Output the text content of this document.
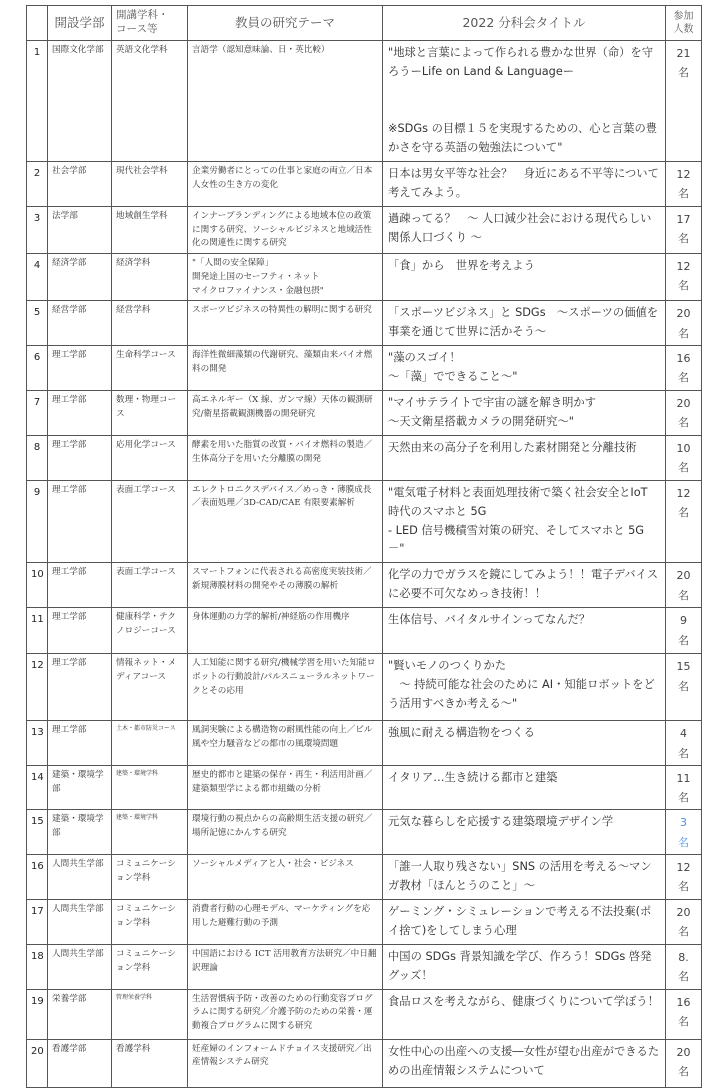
	開設学部	開講学科・
コース等	教員の研究テーマ	2022 分科会タイトル	参加
人数
1	国際文化学部	英語文化学科	言語学（認知意味論、日・英比較）	"地球と言葉によって作られる豊かな世界（命）を守ろうーLife on Land & Languageー

※SDGs の目標１５を実現するための、心と言葉の豊かさを守る英語の勉強法について"	21
名
2	社会学部	現代社会学科	企業労働者にとっての仕事と家庭の両立／日本人女性の生き方の変化	日本は男女平等な社会？　身近にある不平等について考えてみよう。	12
名
3	法学部	地域創生学科	インナーブランディングによる地域本位の政策に関する研究、ソーシャルビジネスと地域活性化の関連性に関する研究	過疎ってる？　～ 人口減少社会における現代らしい関係人口づくり ～	17
名
4	経済学部	経済学科	"「人間の安全保障」
開発途上国のセーフティ・ネット
マイクロファイナンス・金融包摂"	「食」から　世界を考えよう	12
名
5	経営学部	経営学科	スポーツビジネスの特異性の解明に関する研究	「スポーツビジネス」と SDGs　～スポーツの価値を事業を通じて世界に活かそう～	20
名
6	理工学部	生命科学コース	海洋性微細藻類の代謝研究、藻類由来バイオ燃料の開発	"藻のスゴイ！
～「藻」でできること～"	16
名
7	理工学部	数理・物理コース	高エネルギー（X 線、ガンマ線）天体の観測研究/衛星搭載観測機器の開発研究	"マイサテライトで宇宙の謎を解き明かす
～天文衛星搭載カメラの開発研究～"	20
名
8	理工学部	応用化学コース	酵素を用いた脂質の改質・バイオ燃料の製造／生体高分子を用いた分離膜の開発	天然由来の高分子を利用した素材開発と分離技術	10
名
9	理工学部	表面工学コース	エレクトロニクスデバイス／めっき・薄膜成長／表面処理／3D-CAD/CAE 有限要素解析	"電気電子材料と表面処理技術で築く社会安全とIoT 時代のスマホと 5G
- LED 信号機積雪対策の研究、そしてスマホと 5G－"	12
名
10	理工学部	表面工学コース	スマートフォンに代表される高密度実装技術／新規薄膜材料の開発やその薄膜の解析	化学の力でガラスを鏡にしてみよう！！電子デバイスに必要不可欠なめっき技術！！	20
名
11	理工学部	健康科学・テクノロジーコース	身体運動の力学的解析/神経筋の作用機序	生体信号、バイタルサインってなんだ？	9
名
12	理工学部	情報ネット・メディアコース	人工知能に関する研究/機械学習を用いた知能ロボットの行動設計/パルスニューラルネットワークとその応用	"賢いモノのつくりかた
　～ 持続可能な社会のために AI・知能ロボットをどう活用すべきか考える～"	15
名
13	理工学部	土木・都市防災コース	風洞実験による構造物の耐風性能の向上／ビル風や空力騒音などの都市の風環境問題	強風に耐える構造物をつくる	4
名
14	建築・環境学部	建築・環境学科	歴史的都市と建築の保存・再生・利活用計画／建築類型学による都市組織の分析	イタリア…生き続ける都市と建築	11
名
15	建築・環境学部	建築・環境学科	環境行動の視点からの高齢期生活支援の研究／場所記憶にかんする研究	元気な暮らしを応援する建築環境デザイン学	3
名
16	人間共生学部	コミュニケーション学科	ソーシャルメディアと人・社会・ビジネス	「誰一人取り残さない」SNS の活用を考える～マンガ教材「ほんとうのこと」～	12
名
17	人間共生学部	コミュニケーション学科	消費者行動の心理モデル、マーケティングを応用した避難行動の予測	ゲーミング・シミュレーションで考える不法投棄(ポイ捨て)をしてしまう心理	20
名
18	人間共生学部	コミュニケーション学科	中国語における ICT 活用教育方法研究／中日翻訳理論	中国の SDGs 背景知識を学び、作ろう！SDGs 啓発グッズ！	8.
名
19	栄養学部	管理栄養学科	生活習慣病予防・改善のための行動変容プログラムに関する研究／介護予防のための栄養・運動複合プログラムに関する研究	食品ロスを考えながら、健康づくりについて学ぼう！	16
名
20	看護学部	看護学科	妊産婦のインフォームドチョイス支援研究／出産情報システム研究	女性中心の出産への支援―女性が望む出産ができるための出産情報システムについて	20
名
